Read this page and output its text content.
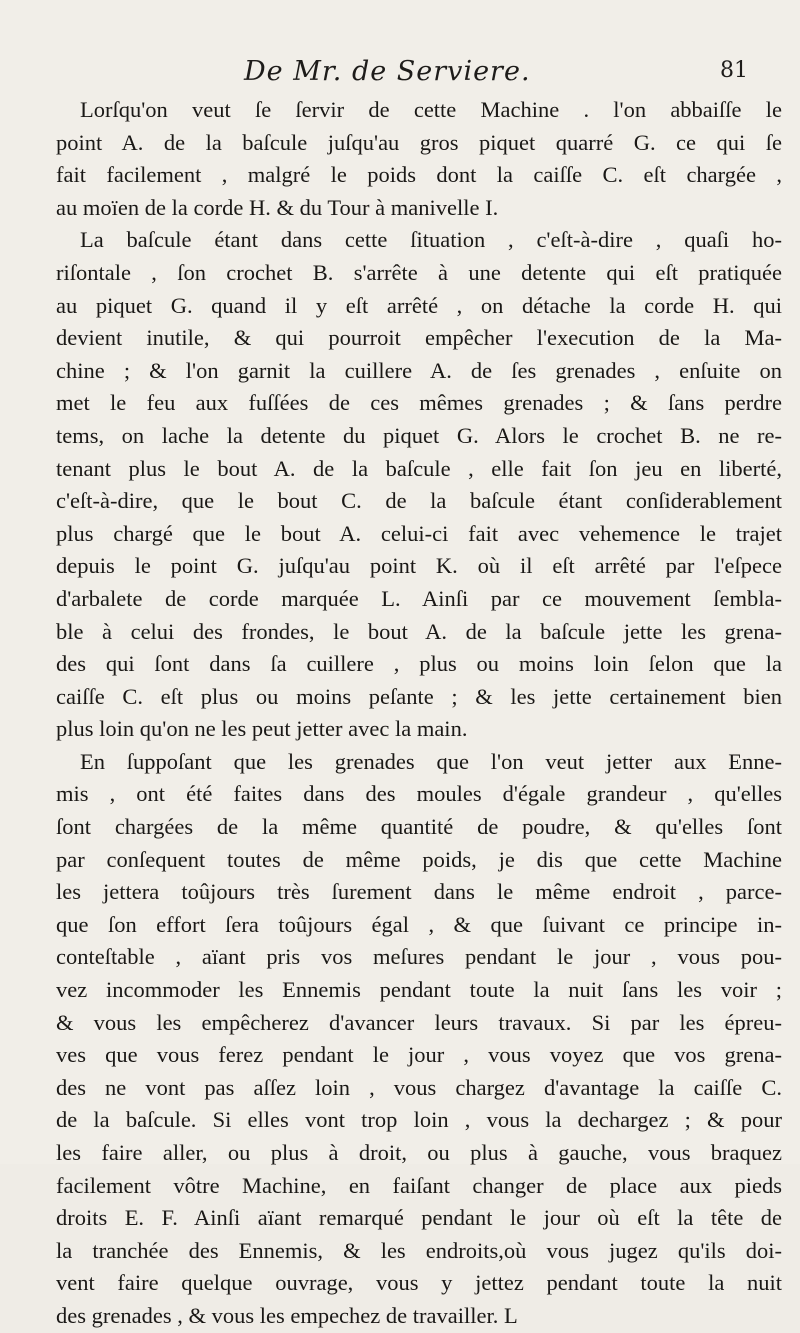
De Mr. de Serviere.	81
Lorſqu'on veut ſe ſervir de cette Machine . l'on abbaiſſe le
point A. de la baſcule juſqu'au gros piquet quarré G. ce qui ſe
fait facilement , malgré le poids dont la caiſſe C. eſt chargée ,
au moïen de la corde H. & du Tour à manivelle I.
La baſcule étant dans cette ſituation , c'eſt-à-dire , quaſi ho-
riſontale , ſon crochet B. s'arrête à une detente qui eſt pratiquée
au piquet G. quand il y eſt arrêté , on détache la corde H. qui
devient inutile, & qui pourroit empêcher l'execution de la Ma-
chine ; & l'on garnit la cuillere A. de ſes grenades , enſuite on
met le feu aux fuſſées de ces mêmes grenades ; & ſans perdre
tems, on lache la detente du piquet G. Alors le crochet B. ne re-
tenant plus le bout A. de la baſcule , elle fait ſon jeu en liberté,
c'eſt-à-dire, que le bout C. de la baſcule étant conſiderablement
plus chargé que le bout A. celui-ci fait avec vehemence le trajet
depuis le point G. juſqu'au point K. où il eſt arrêté par l'eſpece
d'arbalete de corde marquée L. Ainſi par ce mouvement ſembla-
ble à celui des frondes, le bout A. de la baſcule jette les grena-
des qui ſont dans ſa cuillere , plus ou moins loin ſelon que la
caiſſe C. eſt plus ou moins peſante ; & les jette certainement bien
plus loin qu'on ne les peut jetter avec la main.
En ſuppoſant que les grenades que l'on veut jetter aux Enne-
mis , ont été faites dans des moules d'égale grandeur , qu'elles
ſont chargées de la même quantité de poudre, & qu'elles ſont
par conſequent toutes de même poids, je dis que cette Machine
les jettera toûjours très ſurement dans le même endroit , parce-
que ſon effort ſera toûjours égal , & que ſuivant ce principe in-
conteſtable , aïant pris vos meſures pendant le jour , vous pou-
vez incommoder les Ennemis pendant toute la nuit ſans les voir ;
& vous les empêcherez d'avancer leurs travaux. Si par les épreu-
ves que vous ferez pendant le jour , vous voyez que vos grena-
des ne vont pas aſſez loin , vous chargez d'avantage la caiſſe C.
de la baſcule. Si elles vont trop loin , vous la dechargez ; & pour
les faire aller, ou plus à droit, ou plus à gauche, vous braquez
facilement vôtre Machine, en faiſant changer de place aux pieds
droits E. F. Ainſi aïant remarqué pendant le jour où eſt la tête de
la tranchée des Ennemis, & les endroits,où vous jugez qu'ils doi-
vent faire quelque ouvrage, vous y jettez pendant toute la nuit
des grenades , & vous les empechez de travailler. L
